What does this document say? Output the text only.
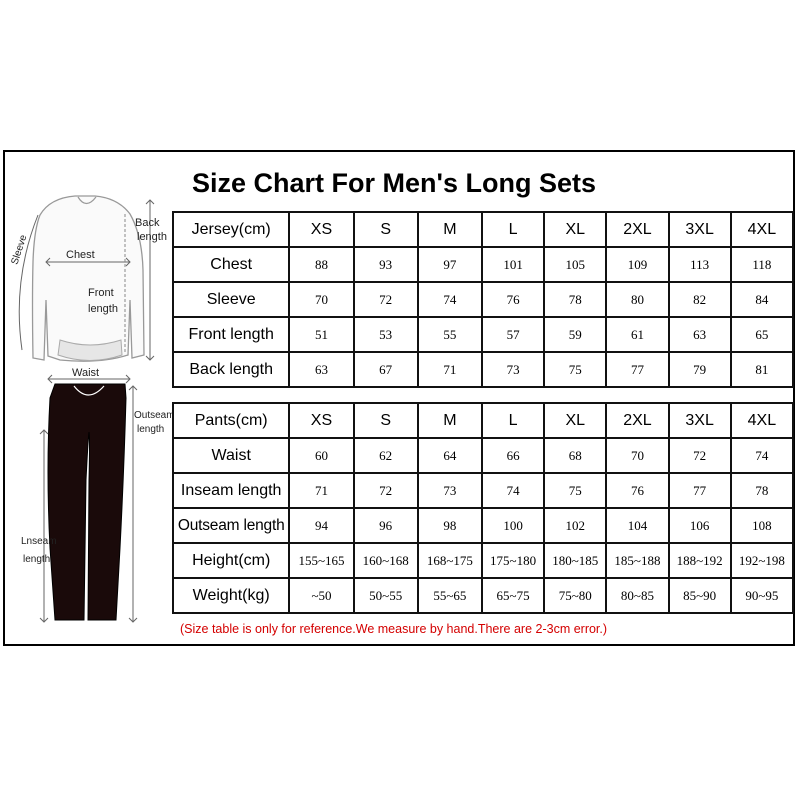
Size Chart For Men's Long Sets
Sleeve	Chest
Back
length
Front
length
Waist
Outseam
length
Lnseam
length
Jersey(cm)	XS	S	M	L	XL	2XL	3XL	4XL
Chest	88	93	97	101	105	109	113	118
Sleeve	70	72	74	76	78	80	82	84
Front length	51	53	55	57	59	61	63	65
Back length	63	67	71	73	75	77	79	81
Pants(cm)	XS	S	M	L	XL	2XL	3XL	4XL
Waist	60	62	64	66	68	70	72	74
Inseam length	71	72	73	74	75	76	77	78
Outseam length	94	96	98	100	102	104	106	108
Height(cm)	155~165	160~168	168~175	175~180	180~185	185~188	188~192	192~198
Weight(kg)	~50	50~55	55~65	65~75	75~80	80~85	85~90	90~95
(Size table is only for reference.We measure by hand.There are 2-3cm error.)
